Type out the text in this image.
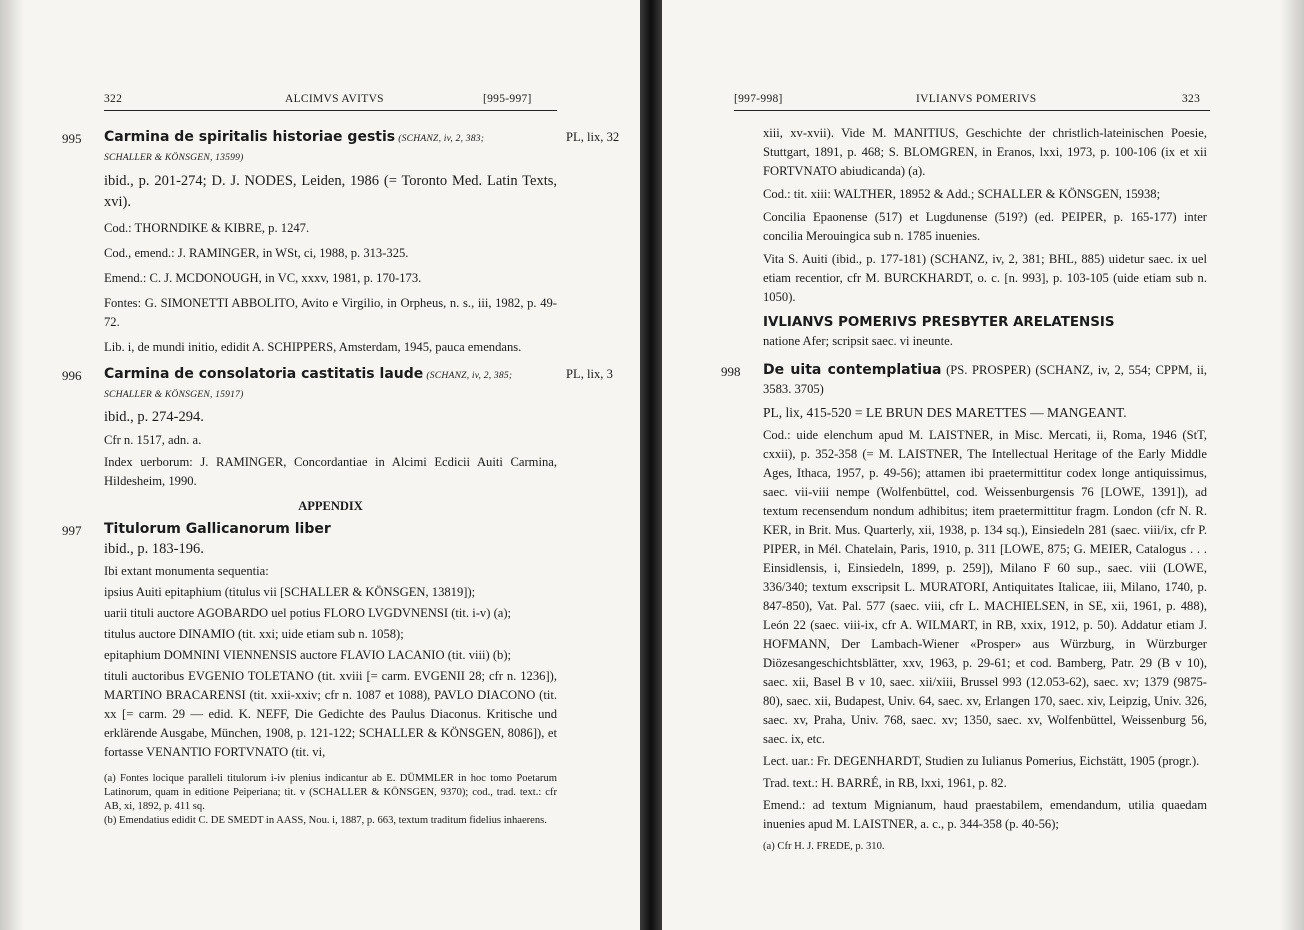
322	ALCIMVS AVITVS	[995-997]
995	PL, lix, 32

Carmina de spiritalis historiae gestis (SCHANZ, iv, 2, 383;

SCHALLER & KÖNSGEN, 13599)

ibid., p. 201-274; D. J. NODES, Leiden, 1986 (= Toronto Med. Latin Texts, xvi).

Cod.: THORNDIKE & KIBRE, p. 1247.

Cod., emend.: J. RAMINGER, in WSt, ci, 1988, p. 313-325.

Emend.: C. J. MCDONOUGH, in VC, xxxv, 1981, p. 170-173.

Fontes: G. SIMONETTI ABBOLITO, Avito e Virgilio, in Orpheus, n. s., iii, 1982, p. 49-72.

Lib. i, de mundi initio, edidit A. SCHIPPERS, Amsterdam, 1945, pauca emendans.

996	PL, lix, 3

Carmina de consolatoria castitatis laude (SCHANZ, iv, 2, 385;

SCHALLER & KÖNSGEN, 15917)

ibid., p. 274-294.

Cfr n. 1517, adn. a.

Index uerborum: J. RAMINGER, Concordantiae in Alcimi Ecdicii Auiti Carmina, Hildesheim, 1990.

APPENDIX

997 Titulorum Gallicanorum liber

ibid., p. 183-196.

Ibi extant monumenta sequentia:

ipsius Auiti epitaphium (titulus vii [SCHALLER & KÖNSGEN, 13819]);

uarii tituli auctore AGOBARDO uel potius FLORO LVGDVNENSI (tit. i-v) (a);

titulus auctore DINAMIO (tit. xxi; uide etiam sub n. 1058);

epitaphium DOMNINI VIENNENSIS auctore FLAVIO LACANIO (tit. viii) (b);

tituli auctoribus EVGENIO TOLETANO (tit. xviii [= carm. EVGENII 28; cfr n. 1236]), MARTINO BRACARENSI (tit. xxii-xxiv; cfr n. 1087 et 1088), PAVLO DIACONO (tit. xx [= carm. 29 — edid. K. NEFF, Die Gedichte des Paulus Diaconus. Kritische und erklärende Ausgabe, München, 1908, p. 121-122; SCHALLER & KÖNSGEN, 8086]), et fortasse VENANTIO FORTVNATO (tit. vi,

(a) Fontes locique paralleli titulorum i-iv plenius indicantur ab E. DÜMMLER in hoc tomo Poetarum Latinorum, quam in editione Peiperiana; tit. v (SCHALLER & KÖNSGEN, 9370); cod., trad. text.: cfr AB, xi, 1892, p. 411 sq.

(b) Emendatius edidit C. DE SMEDT in AASS, Nou. i, 1887, p. 663, textum traditum fidelius inhaerens.

[997-998]	IVLIANVS POMERIVS	323

xiii, xv-xvii). Vide M. MANITIUS, Geschichte der christlich-lateinischen Poesie, Stuttgart, 1891, p. 468; S. BLOMGREN, in Eranos, lxxi, 1973, p. 100-106 (ix et xii FORTVNATO abiudicanda) (a).

Cod.: tit. xiii: WALTHER, 18952 & Add.; SCHALLER & KÖNSGEN, 15938;

Concilia Epaonense (517) et Lugdunense (519?) (ed. PEIPER, p. 165-177) inter concilia Merouingica sub n. 1785 inuenies.

Vita S. Auiti (ibid., p. 177-181) (SCHANZ, iv, 2, 381; BHL, 885) uidetur saec. ix uel etiam recentior, cfr M. BURCKHARDT, o. c. [n. 993], p. 103-105 (uide etiam sub n. 1050).

IVLIANVS POMERIVS PRESBYTER ARELATENSIS

natione Afer; scripsit saec. vi ineunte.

998 De uita contemplatiua (PS. PROSPER) (SCHANZ, iv, 2, 554; CPPM, ii, 3583. 3705)

PL, lix, 415-520 = LE BRUN DES MARETTES — MANGEANT.

Cod.: uide elenchum apud M. LAISTNER, in Misc. Mercati, ii, Roma, 1946 (StT, cxxii), p. 352-358 (= M. LAISTNER, The Intellectual Heritage of the Early Middle Ages, Ithaca, 1957, p. 49-56); attamen ibi praetermittitur codex longe antiquissimus, saec. vii-viii nempe (Wolfenbüttel, cod. Weissenburgensis 76 [LOWE, 1391]), ad textum recensendum nondum adhibitus; item praetermittitur fragm. London (cfr N. R. KER, in Brit. Mus. Quarterly, xii, 1938, p. 134 sq.), Einsiedeln 281 (saec. viii/ix, cfr P. PIPER, in Mél. Chatelain, Paris, 1910, p. 311 [LOWE, 875; G. MEIER, Catalogus . . . Einsidlensis, i, Einsiedeln, 1899, p. 259]), Milano F 60 sup., saec. viii (LOWE, 336/340; textum exscripsit L. MURATORI, Antiquitates Italicae, iii, Milano, 1740, p. 847-850), Vat. Pal. 577 (saec. viii, cfr L. MACHIELSEN, in SE, xii, 1961, p. 488), León 22 (saec. viii-ix, cfr A. WILMART, in RB, xxix, 1912, p. 50). Addatur etiam J. HOFMANN, Der Lambach-Wiener «Prosper» aus Würzburg, in Würzburger Diözesangeschichtsblätter, xxv, 1963, p. 29-61; et cod. Bamberg, Patr. 29 (B v 10), saec. xii, Basel B v 10, saec. xii/xiii, Brussel 993 (12.053-62), saec. xv; 1379 (9875-80), saec. xii, Budapest, Univ. 64, saec. xv, Erlangen 170, saec. xiv, Leipzig, Univ. 326, saec. xv, Praha, Univ. 768, saec. xv; 1350, saec. xv, Wolfenbüttel, Weissenburg 56, saec. ix, etc.

Lect. uar.: Fr. DEGENHARDT, Studien zu Iulianus Pomerius, Eichstätt, 1905 (progr.).

Trad. text.: H. BARRÉ, in RB, lxxi, 1961, p. 82.

Emend.: ad textum Mignianum, haud praestabilem, emendandum, utilia quaedam inuenies apud M. LAISTNER, a. c., p. 344-358 (p. 40-56);

(a) Cfr H. J. FREDE, p. 310.
